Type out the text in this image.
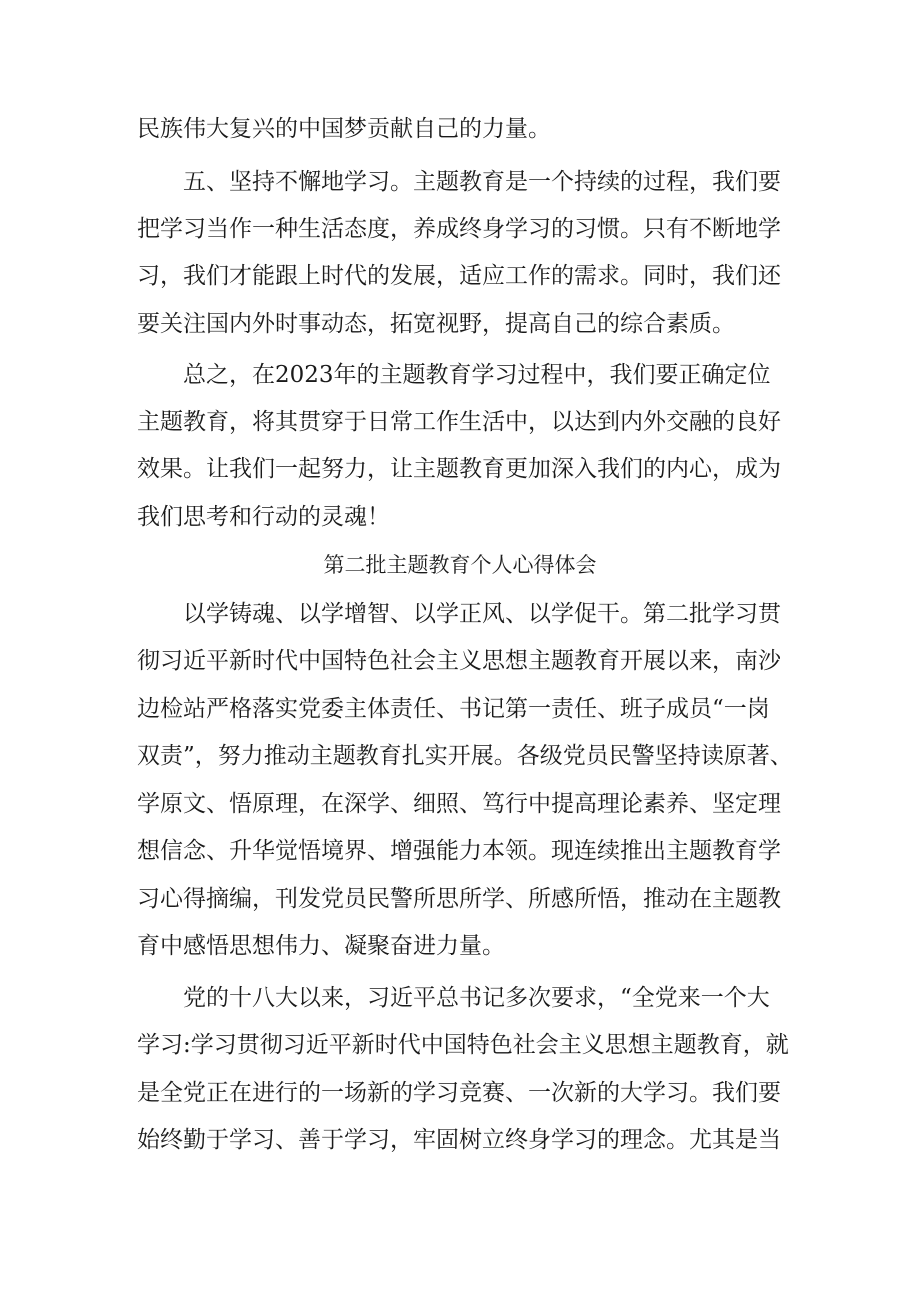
民族伟大复兴的中国梦贡献自己的力量。
五、坚持不懈地学习。主题教育是一个持续的过程，我们要
把学习当作一种生活态度，养成终身学习的习惯。只有不断地学
习，我们才能跟上时代的发展，适应工作的需求。同时，我们还
要关注国内外时事动态，拓宽视野，提高自己的综合素质。
总之，在2023年的主题教育学习过程中，我们要正确定位
主题教育，将其贯穿于日常工作生活中，以达到内外交融的良好
效果。让我们一起努力，让主题教育更加深入我们的内心，成为
我们思考和行动的灵魂！
第二批主题教育个人心得体会
以学铸魂、以学增智、以学正风、以学促干。第二批学习贯
彻习近平新时代中国特色社会主义思想主题教育开展以来，南沙
边检站严格落实党委主体责任、书记第一责任、班子成员“一岗
双责”，努力推动主题教育扎实开展。各级党员民警坚持读原著、
学原文、悟原理，在深学、细照、笃行中提高理论素养、坚定理
想信念、升华觉悟境界、增强能力本领。现连续推出主题教育学
习心得摘编，刊发党员民警所思所学、所感所悟，推动在主题教
育中感悟思想伟力、凝聚奋进力量。
党的十八大以来，习近平总书记多次要求，“全党来一个大
学习:学习贯彻习近平新时代中国特色社会主义思想主题教育，就
是全党正在进行的一场新的学习竞赛、一次新的大学习。我们要
始终勤于学习、善于学习，牢固树立终身学习的理念。尤其是当
